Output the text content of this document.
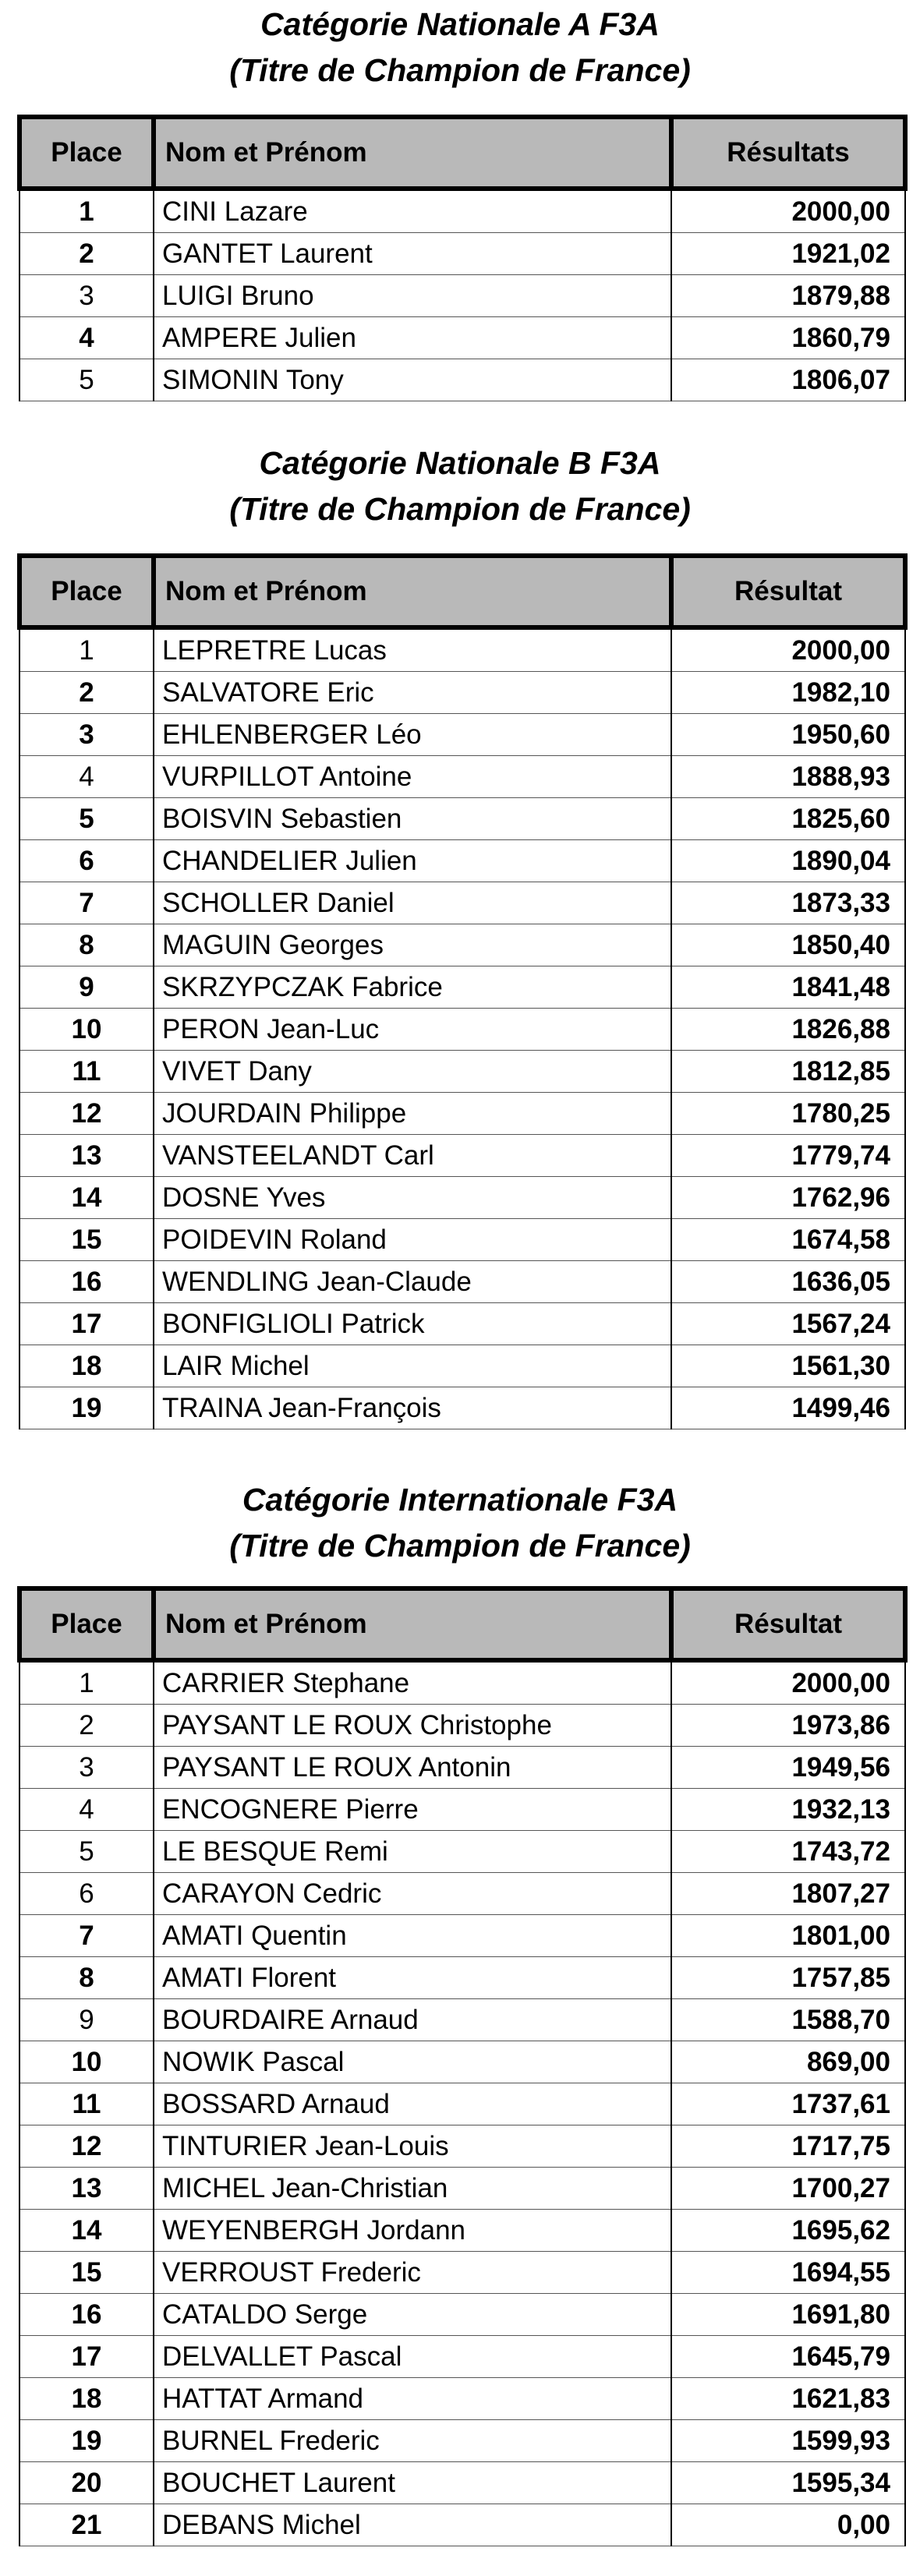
Catégorie Nationale A F3A
(Titre de Champion de France)
Place	Nom et Prénom	Résultats
1	CINI Lazare	2000,00
2	GANTET Laurent	1921,02
3	LUIGI Bruno	1879,88
4	AMPERE Julien	1860,79
5	SIMONIN Tony	1806,07
Catégorie Nationale B F3A
(Titre de Champion de France)
Place	Nom et Prénom	Résultat
1	LEPRETRE Lucas	2000,00
2	SALVATORE Eric	1982,10
3	EHLENBERGER Léo	1950,60
4	VURPILLOT Antoine	1888,93
5	BOISVIN Sebastien	1825,60
6	CHANDELIER Julien	1890,04
7	SCHOLLER Daniel	1873,33
8	MAGUIN Georges	1850,40
9	SKRZYPCZAK Fabrice	1841,48
10	PERON Jean-Luc	1826,88
11	VIVET Dany	1812,85
12	JOURDAIN Philippe	1780,25
13	VANSTEELANDT Carl	1779,74
14	DOSNE Yves	1762,96
15	POIDEVIN Roland	1674,58
16	WENDLING Jean-Claude	1636,05
17	BONFIGLIOLI Patrick	1567,24
18	LAIR Michel	1561,30
19	TRAINA Jean-François	1499,46
Catégorie Internationale F3A
(Titre de Champion de France)
Place	Nom et Prénom	Résultat
1	CARRIER Stephane	2000,00
2	PAYSANT LE ROUX Christophe	1973,86
3	PAYSANT LE ROUX Antonin	1949,56
4	ENCOGNERE Pierre	1932,13
5	LE BESQUE Remi	1743,72
6	CARAYON Cedric	1807,27
7	AMATI Quentin	1801,00
8	AMATI Florent	1757,85
9	BOURDAIRE Arnaud	1588,70
10	NOWIK Pascal	869,00
11	BOSSARD Arnaud	1737,61
12	TINTURIER Jean-Louis	1717,75
13	MICHEL Jean-Christian	1700,27
14	WEYENBERGH Jordann	1695,62
15	VERROUST Frederic	1694,55
16	CATALDO Serge	1691,80
17	DELVALLET Pascal	1645,79
18	HATTAT Armand	1621,83
19	BURNEL Frederic	1599,93
20	BOUCHET Laurent	1595,34
21	DEBANS Michel	0,00
